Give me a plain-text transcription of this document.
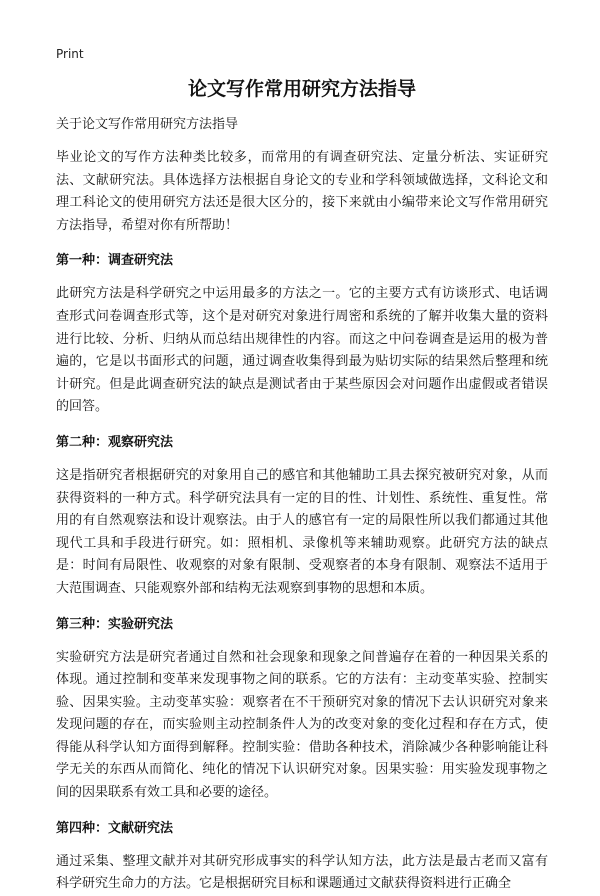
Print
论文写作常用研究方法指导
关于论文写作常用研究方法指导

毕业论文的写作方法种类比较多，而常用的有调查研究法、定量分析法、实证研究法、文献研究法。具体选择方法根据自身论文的专业和学科领域做选择，文科论文和理工科论文的使用研究方法还是很大区分的，接下来就由小编带来论文写作常用研究方法指导，希望对你有所帮助！

第一种：调查研究法

此研究方法是科学研究之中运用最多的方法之一。它的主要方式有访谈形式、电话调查形式问卷调查形式等，这个是对研究对象进行周密和系统的了解并收集大量的资料进行比较、分析、归纳从而总结出规律性的内容。而这之中问卷调查是运用的极为普遍的，它是以书面形式的问题，通过调查收集得到最为贴切实际的结果然后整理和统计研究。但是此调查研究法的缺点是测试者由于某些原因会对问题作出虚假或者错误的回答。

第二种：观察研究法

这是指研究者根据研究的对象用自己的感官和其他辅助工具去探究被研究对象，从而获得资料的一种方式。科学研究法具有一定的目的性、计划性、系统性、重复性。常用的有自然观察法和设计观察法。由于人的感官有一定的局限性所以我们都通过其他现代工具和手段进行研究。如：照相机、录像机等来辅助观察。此研究方法的缺点是：时间有局限性、收观察的对象有限制、受观察者的本身有限制、观察法不适用于大范围调查、只能观察外部和结构无法观察到事物的思想和本质。

第三种：实验研究法

实验研究方法是研究者通过自然和社会现象和现象之间普遍存在着的一种因果关系的体现。通过控制和变革来发现事物之间的联系。它的方法有：主动变革实验、控制实验、因果实验。主动变革实验：观察者在不干预研究对象的情况下去认识研究对象来发现问题的存在，而实验则主动控制条件人为的改变对象的变化过程和存在方式，使得能从科学认知方面得到解释。控制实验：借助各种技术，消除减少各种影响能让科学无关的东西从而简化、纯化的情况下认识研究对象。因果实验：用实验发现事物之间的因果联系有效工具和必要的途径。

第四种：文献研究法

通过采集、整理文献并对其研究形成事实的科学认知方法，此方法是最古老而又富有科学研究生命力的方法。它是根据研究目标和课题通过文献获得资料进行正确全
